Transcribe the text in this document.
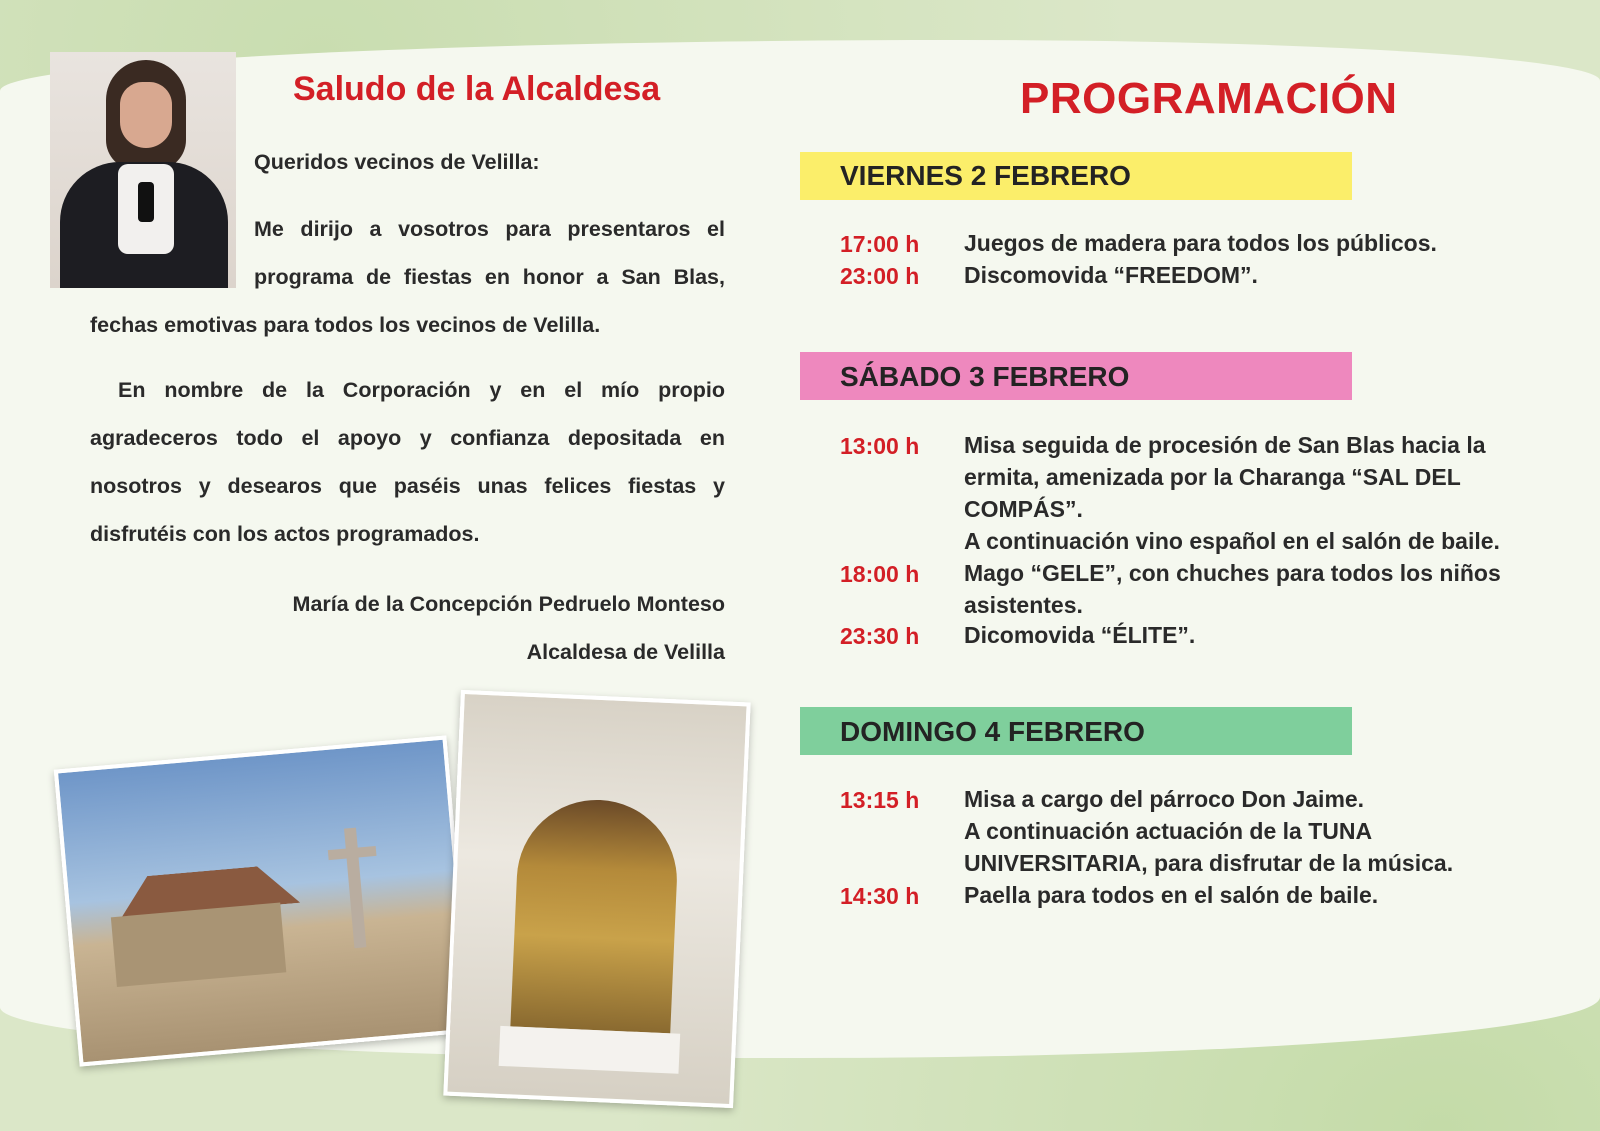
Saludo de la Alcaldesa
Queridos vecinos de Velilla:

Me dirijo a vosotros para presentaros el programa de fiestas en honor a San Blas, fechas emotivas para todos los vecinos de Velilla.

En nombre de la Corporación y en el mío propio agradeceros todo el apoyo y confianza depositada en nosotros y desearos que paséis unas felices fiestas y disfrutéis con los actos programados.

María de la Concepción Pedruelo Monteso
Alcaldesa de Velilla
PROGRAMACIÓN
VIERNES 2 FEBRERO
17:00 h Juegos de madera para todos los públicos.

23:00 h Discomovida “FREEDOM”.

SÁBADO 3 FEBRERO
13:00 h Misa seguida de procesión de San Blas hacia la
ermita, amenizada por la Charanga “SAL DEL
COMPÁS”.
A continuación vino español en el salón de baile.

18:00 h Mago “GELE”, con chuches para todos los niños
asistentes.

23:30 h Dicomovida “ÉLITE”.

DOMINGO 4 FEBRERO
13:15 h Misa a cargo del párroco Don Jaime.
A continuación actuación de la TUNA
UNIVERSITARIA, para disfrutar de la música.

14:30 h Paella para todos en el salón de baile.
